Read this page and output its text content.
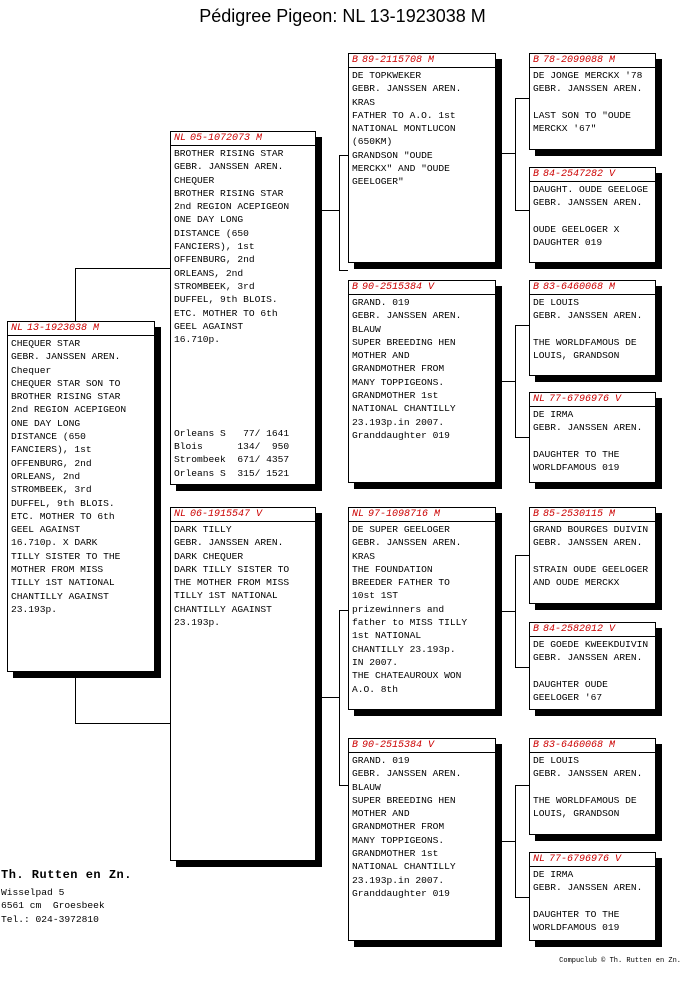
Pédigree Pigeon: NL 13-1923038 M
NL 13-1923038 M
CHEQUER STAR
GEBR. JANSSEN AREN.
Chequer
CHEQUER STAR SON TO
BROTHER RISING STAR
2nd REGION ACEPIGEON
ONE DAY LONG
DISTANCE (650
FANCIERS), 1st
OFFENBURG, 2nd
ORLEANS, 2nd
STROMBEEK, 3rd
DUFFEL, 9th BLOIS.
ETC. MOTHER TO 6th
GEEL AGAINST
16.710p. X DARK
TILLY SISTER TO THE
MOTHER FROM MISS
TILLY 1ST NATIONAL
CHANTILLY AGAINST
23.193p.
NL 05-1072073 M
BROTHER RISING STAR
GEBR. JANSSEN AREN.
CHEQUER
BROTHER RISING STAR
2nd REGION ACEPIGEON
ONE DAY LONG
DISTANCE (650
FANCIERS), 1st
OFFENBURG, 2nd
ORLEANS, 2nd
STROMBEEK, 3rd
DUFFEL, 9th BLOIS.
ETC. MOTHER TO 6th
GEEL AGAINST
16.710p.
Orleans S   77/ 1641
Blois      134/  950
Strombeek  671/ 4357
Orleans S  315/ 1521
NL 06-1915547 V
DARK TILLY
GEBR. JANSSEN AREN.
DARK CHEQUER
DARK TILLY SISTER TO
THE MOTHER FROM MISS
TILLY 1ST NATIONAL
CHANTILLY AGAINST
23.193p.
B 89-2115708 M
DE TOPKWEKER
GEBR. JANSSEN AREN.
KRAS
FATHER TO A.O. 1st
NATIONAL MONTLUCON
(650KM)
GRANDSON "OUDE
MERCKX" AND "OUDE
GEELOGER"
B 90-2515384 V
GRAND. 019
GEBR. JANSSEN AREN.
BLAUW
SUPER BREEDING HEN
MOTHER AND
GRANDMOTHER FROM
MANY TOPPIGEONS.
GRANDMOTHER 1st
NATIONAL CHANTILLY
23.193p.in 2007.
Granddaughter 019
NL 97-1098716 M
DE SUPER GEELOGER
GEBR. JANSSEN AREN.
KRAS
THE FOUNDATION
BREEDER FATHER TO
10st 1ST
prizewinners and
father to MISS TILLY
1st NATIONAL
CHANTILLY 23.193p.
IN 2007.
THE CHATEAUROUX WON
A.O. 8th
B 90-2515384 V
GRAND. 019
GEBR. JANSSEN AREN.
BLAUW
SUPER BREEDING HEN
MOTHER AND
GRANDMOTHER FROM
MANY TOPPIGEONS.
GRANDMOTHER 1st
NATIONAL CHANTILLY
23.193p.in 2007.
Granddaughter 019
B 78-2099088 M
DE JONGE MERCKX '78
GEBR. JANSSEN AREN.

LAST SON TO "OUDE
MERCKX '67"
B 84-2547282 V
DAUGHT. OUDE GEELOGE
GEBR. JANSSEN AREN.

OUDE GEELOGER X
DAUGHTER 019
B 83-6460068 M
DE LOUIS
GEBR. JANSSEN AREN.

THE WORLDFAMOUS DE
LOUIS, GRANDSON
NL 77-6796976 V
DE IRMA
GEBR. JANSSEN AREN.

DAUGHTER TO THE
WORLDFAMOUS 019
B 85-2530115 M
GRAND BOURGES DUIVIN
GEBR. JANSSEN AREN.

STRAIN OUDE GEELOGER
AND OUDE MERCKX
B 84-2582012 V
DE GOEDE KWEEKDUIVIN
GEBR. JANSSEN AREN.

DAUGHTER OUDE
GEELOGER '67
B 83-6460068 M
DE LOUIS
GEBR. JANSSEN AREN.

THE WORLDFAMOUS DE
LOUIS, GRANDSON
NL 77-6796976 V
DE IRMA
GEBR. JANSSEN AREN.

DAUGHTER TO THE
WORLDFAMOUS 019
Th. Rutten en Zn.
Wisselpad 5
6561 cm  Groesbeek
Tel.: 024-3972810
Compuclub © Th. Rutten en Zn.
